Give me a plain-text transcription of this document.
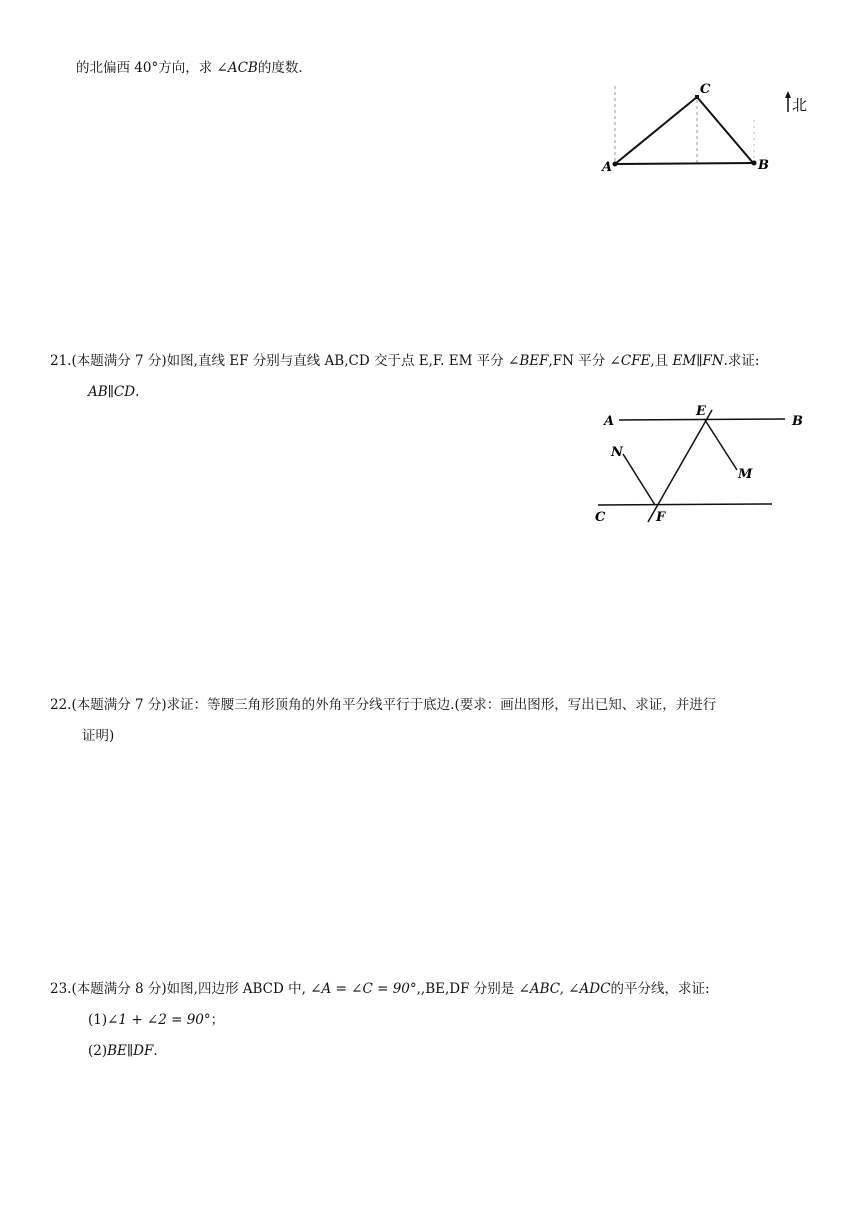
的北偏西 40°方向，求 ∠ACB的度数.
A	B
C
北
21.(本题满分 7 分)如图,直线 EF 分别与直线 AB,CD 交于点 E,F. EM 平分 ∠BEF,FN 平分 ∠CFE,且 EM∥FN.求证:
AB∥CD.
A	B
E
M
N
C	F
22.(本题满分 7 分)求证：等腰三角形顶角的外角平分线平行于底边.(要求：画出图形，写出已知、求证，并进行
证明)
23.(本题满分 8 分)如图,四边形 ABCD 中, ∠A = ∠C = 90°,,BE,DF 分别是 ∠ABC, ∠ADC的平分线，求证:
(1)∠1 + ∠2 = 90°；
(2)BE∥DF.
